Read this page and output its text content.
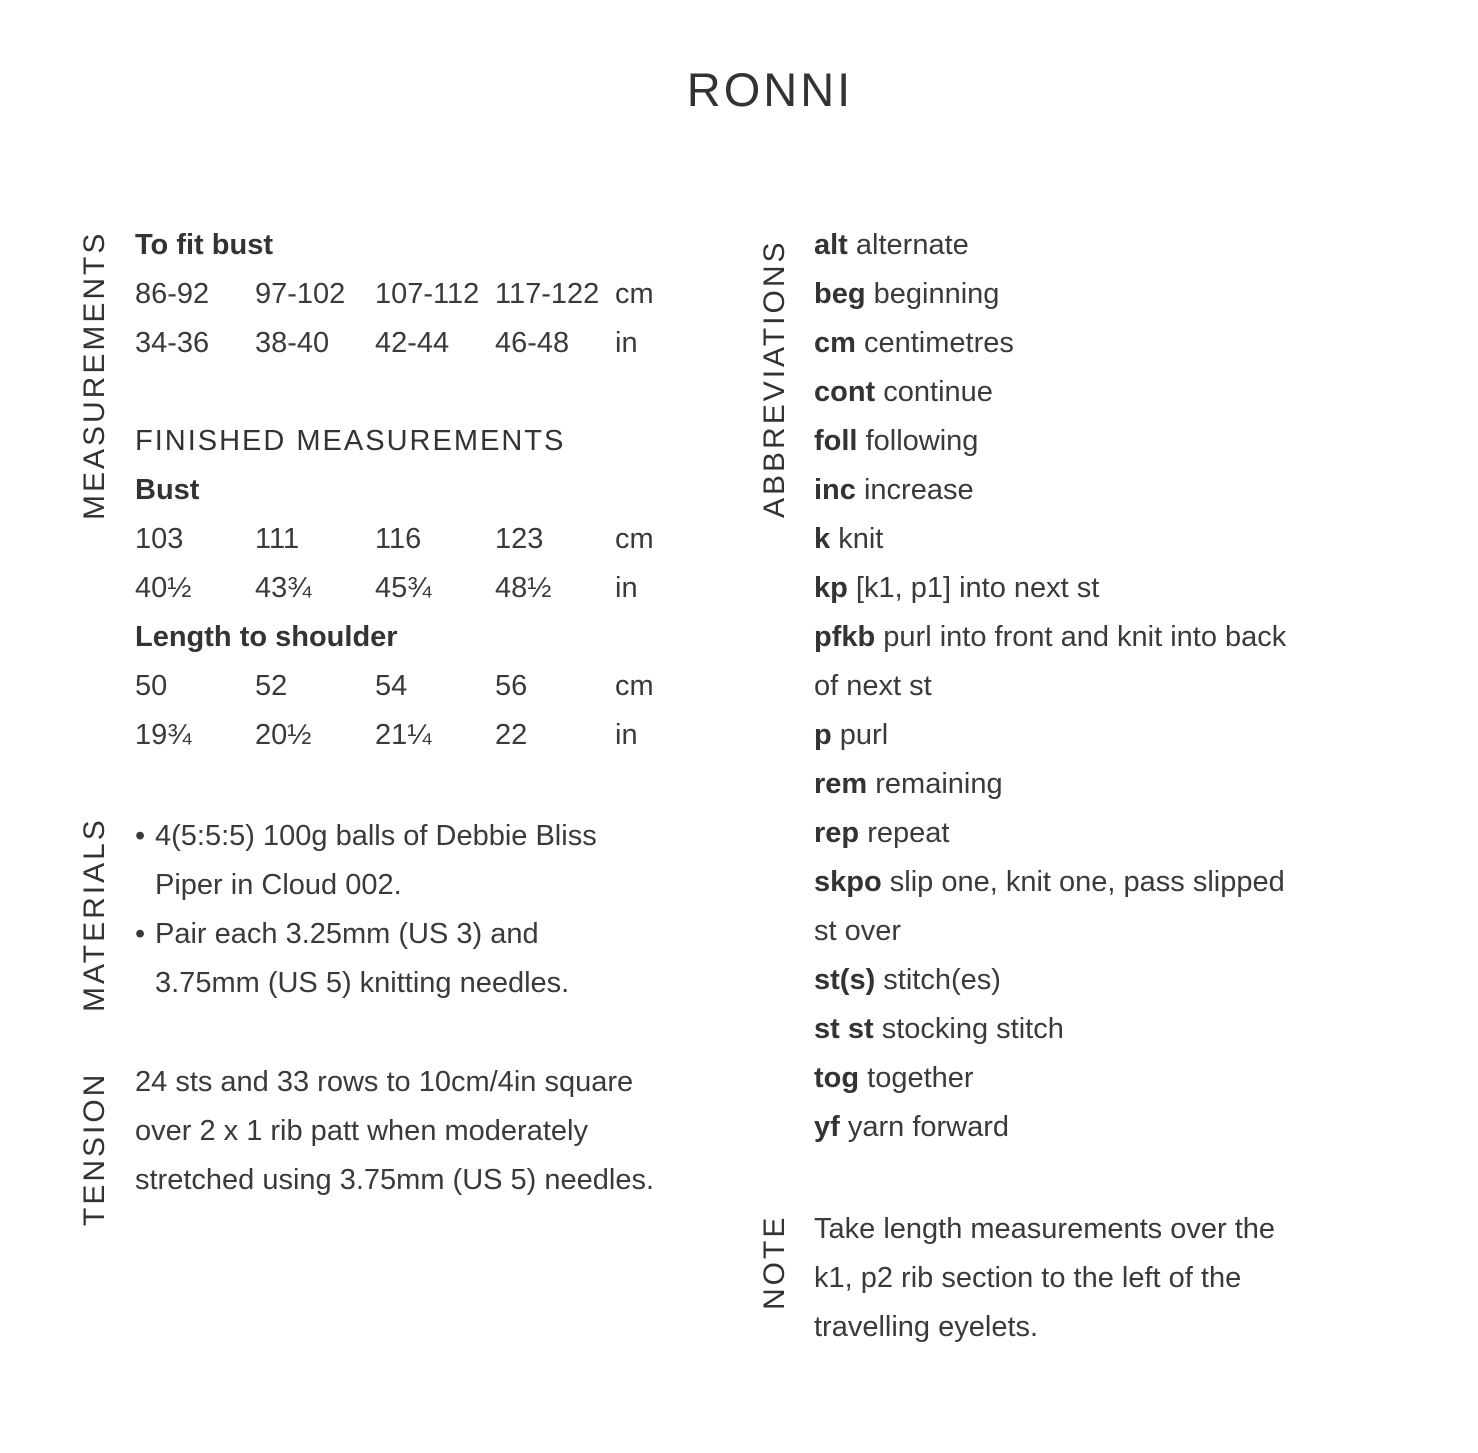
RONNI
MEASUREMENTS
MATERIALS
TENSION
ABBREVIATIONS
NOTE
To fit bust
86-92	97-102	107-112 117-122 cm
34-36	38-40	42-44	46-48	in
FINISHED MEASUREMENTS
Bust
103	111	116	123	cm
40½	43¾	45¾	48½	in
Length to shoulder
50	52	54	56	cm
19¾	20½	21¼	22	in
• 4(5:5:5) 100g balls of Debbie Bliss
Piper in Cloud 002.
• Pair each 3.25mm (US 3) and
3.75mm (US 5) knitting needles.
24 sts and 33 rows to 10cm/4in square
over 2 x 1 rib patt when moderately
stretched using 3.75mm (US 5) needles.
alt alternate
beg beginning
cm centimetres
cont continue
foll following
inc increase
k knit
kp [k1, p1] into next st
pfkb purl into front and knit into back
of next st
p purl
rem remaining
rep repeat
skpo slip one, knit one, pass slipped
st over
st(s) stitch(es)
st st stocking stitch
tog together
yf yarn forward
Take length measurements over the
k1, p2 rib section to the left of the
travelling eyelets.
